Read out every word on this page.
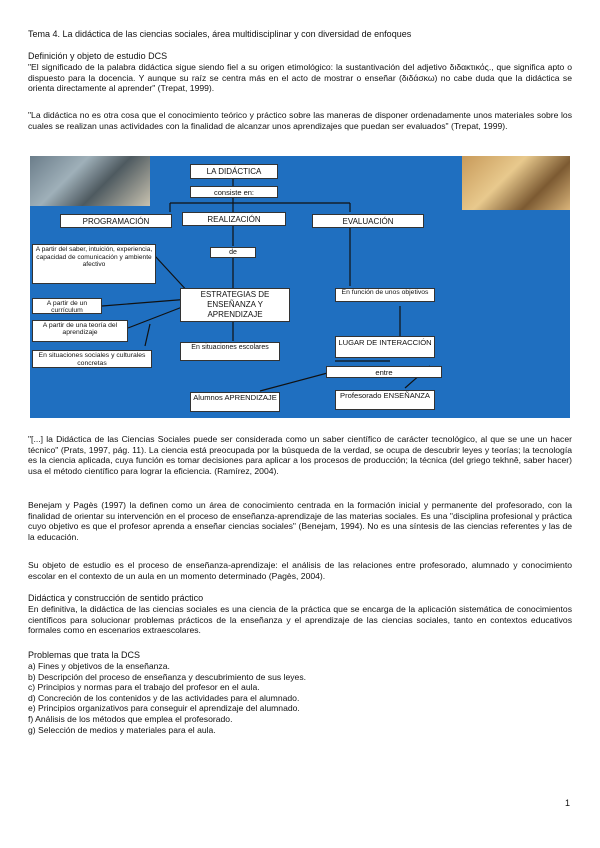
Tema 4. La didáctica de las ciencias sociales, área multidisciplinar y con diversidad de enfoques
Definición y objeto de estudio DCS
"El significado de la palabra didáctica sigue siendo fiel a su origen etimológico: la sustantivación del adjetivo διδακτικός., que significa apto o dispuesto para la docencia. Y aunque su raíz se centra más en el acto de mostrar o enseñar (διδάσκω) no cabe duda que la didáctica se orienta directamente al aprender" (Trepat, 1999).
"La didáctica no es otra cosa que el conocimiento teórico y práctico sobre las maneras de disponer ordenadamente unos materiales sobre los cuales se realizan unas actividades con la finalidad de alcanzar unos aprendizajes que puedan ser evaluados" (Trepat, 1999).
LA DIDÁCTICA
consiste en:
PROGRAMACIÓN	REALIZACIÓN	EVALUACIÓN
A partir del saber, intuición, experiencia, capacidad de comunicación y ambiente afectivo
de
A partir de un currículum
ESTRATEGIAS DE ENSEÑANZA Y APRENDIZAJE
En función de unos objetivos
A partir de una teoría del aprendizaje
En situaciones sociales y culturales concretas
En situaciones escolares
LUGAR DE INTERACCIÓN
entre
Alumnos APRENDIZAJE	Profesorado ENSEÑANZA
"[...] la Didáctica de las Ciencias Sociales puede ser considerada como un saber científico de carácter tecnológico, al que se une un hacer técnico" (Prats, 1997, pág. 11). La ciencia está preocupada por la búsqueda de la verdad, se ocupa de descubrir leyes y teorías; la tecnología es la ciencia aplicada, cuya función es tomar decisiones para aplicar a los procesos de producción; la técnica (del griego tekhnê, saber hacer) usa el método científico para lograr la eficiencia. (Ramírez, 2004).
Benejam y Pagès (1997) la definen como un área de conocimiento centrada en la formación inicial y permanente del profesorado, con la finalidad de orientar su intervención en el proceso de enseñanza-aprendizaje de las materias sociales. Es una "disciplina profesional y práctica cuyo objetivo es que el profesor aprenda a enseñar ciencias sociales" (Benejam, 1994). No es una síntesis de las ciencias referentes y las de la educación.
Su objeto de estudio es el proceso de enseñanza-aprendizaje: el análisis de las relaciones entre profesorado, alumnado y conocimiento escolar en el contexto de un aula en un momento determinado (Pagès, 2004).
Didáctica y construcción de sentido práctico
En definitiva, la didáctica de las ciencias sociales es una ciencia de la práctica que se encarga de la aplicación sistemática de conocimientos científicos para solucionar problemas prácticos de la enseñanza y el aprendizaje de las ciencias sociales, tanto en contextos educativos formales como en escenarios extraescolares.
Problemas que trata la DCS
a) Fines y objetivos de la enseñanza.
b) Descripción del proceso de enseñanza y descubrimiento de sus leyes.
c) Principios y normas para el trabajo del profesor en el aula.
d) Concreción de los contenidos y de las actividades para el alumnado.
e) Principios organizativos para conseguir el aprendizaje del alumnado.
f) Análisis de los métodos que emplea el profesorado.
g) Selección de medios y materiales para el aula.
1
